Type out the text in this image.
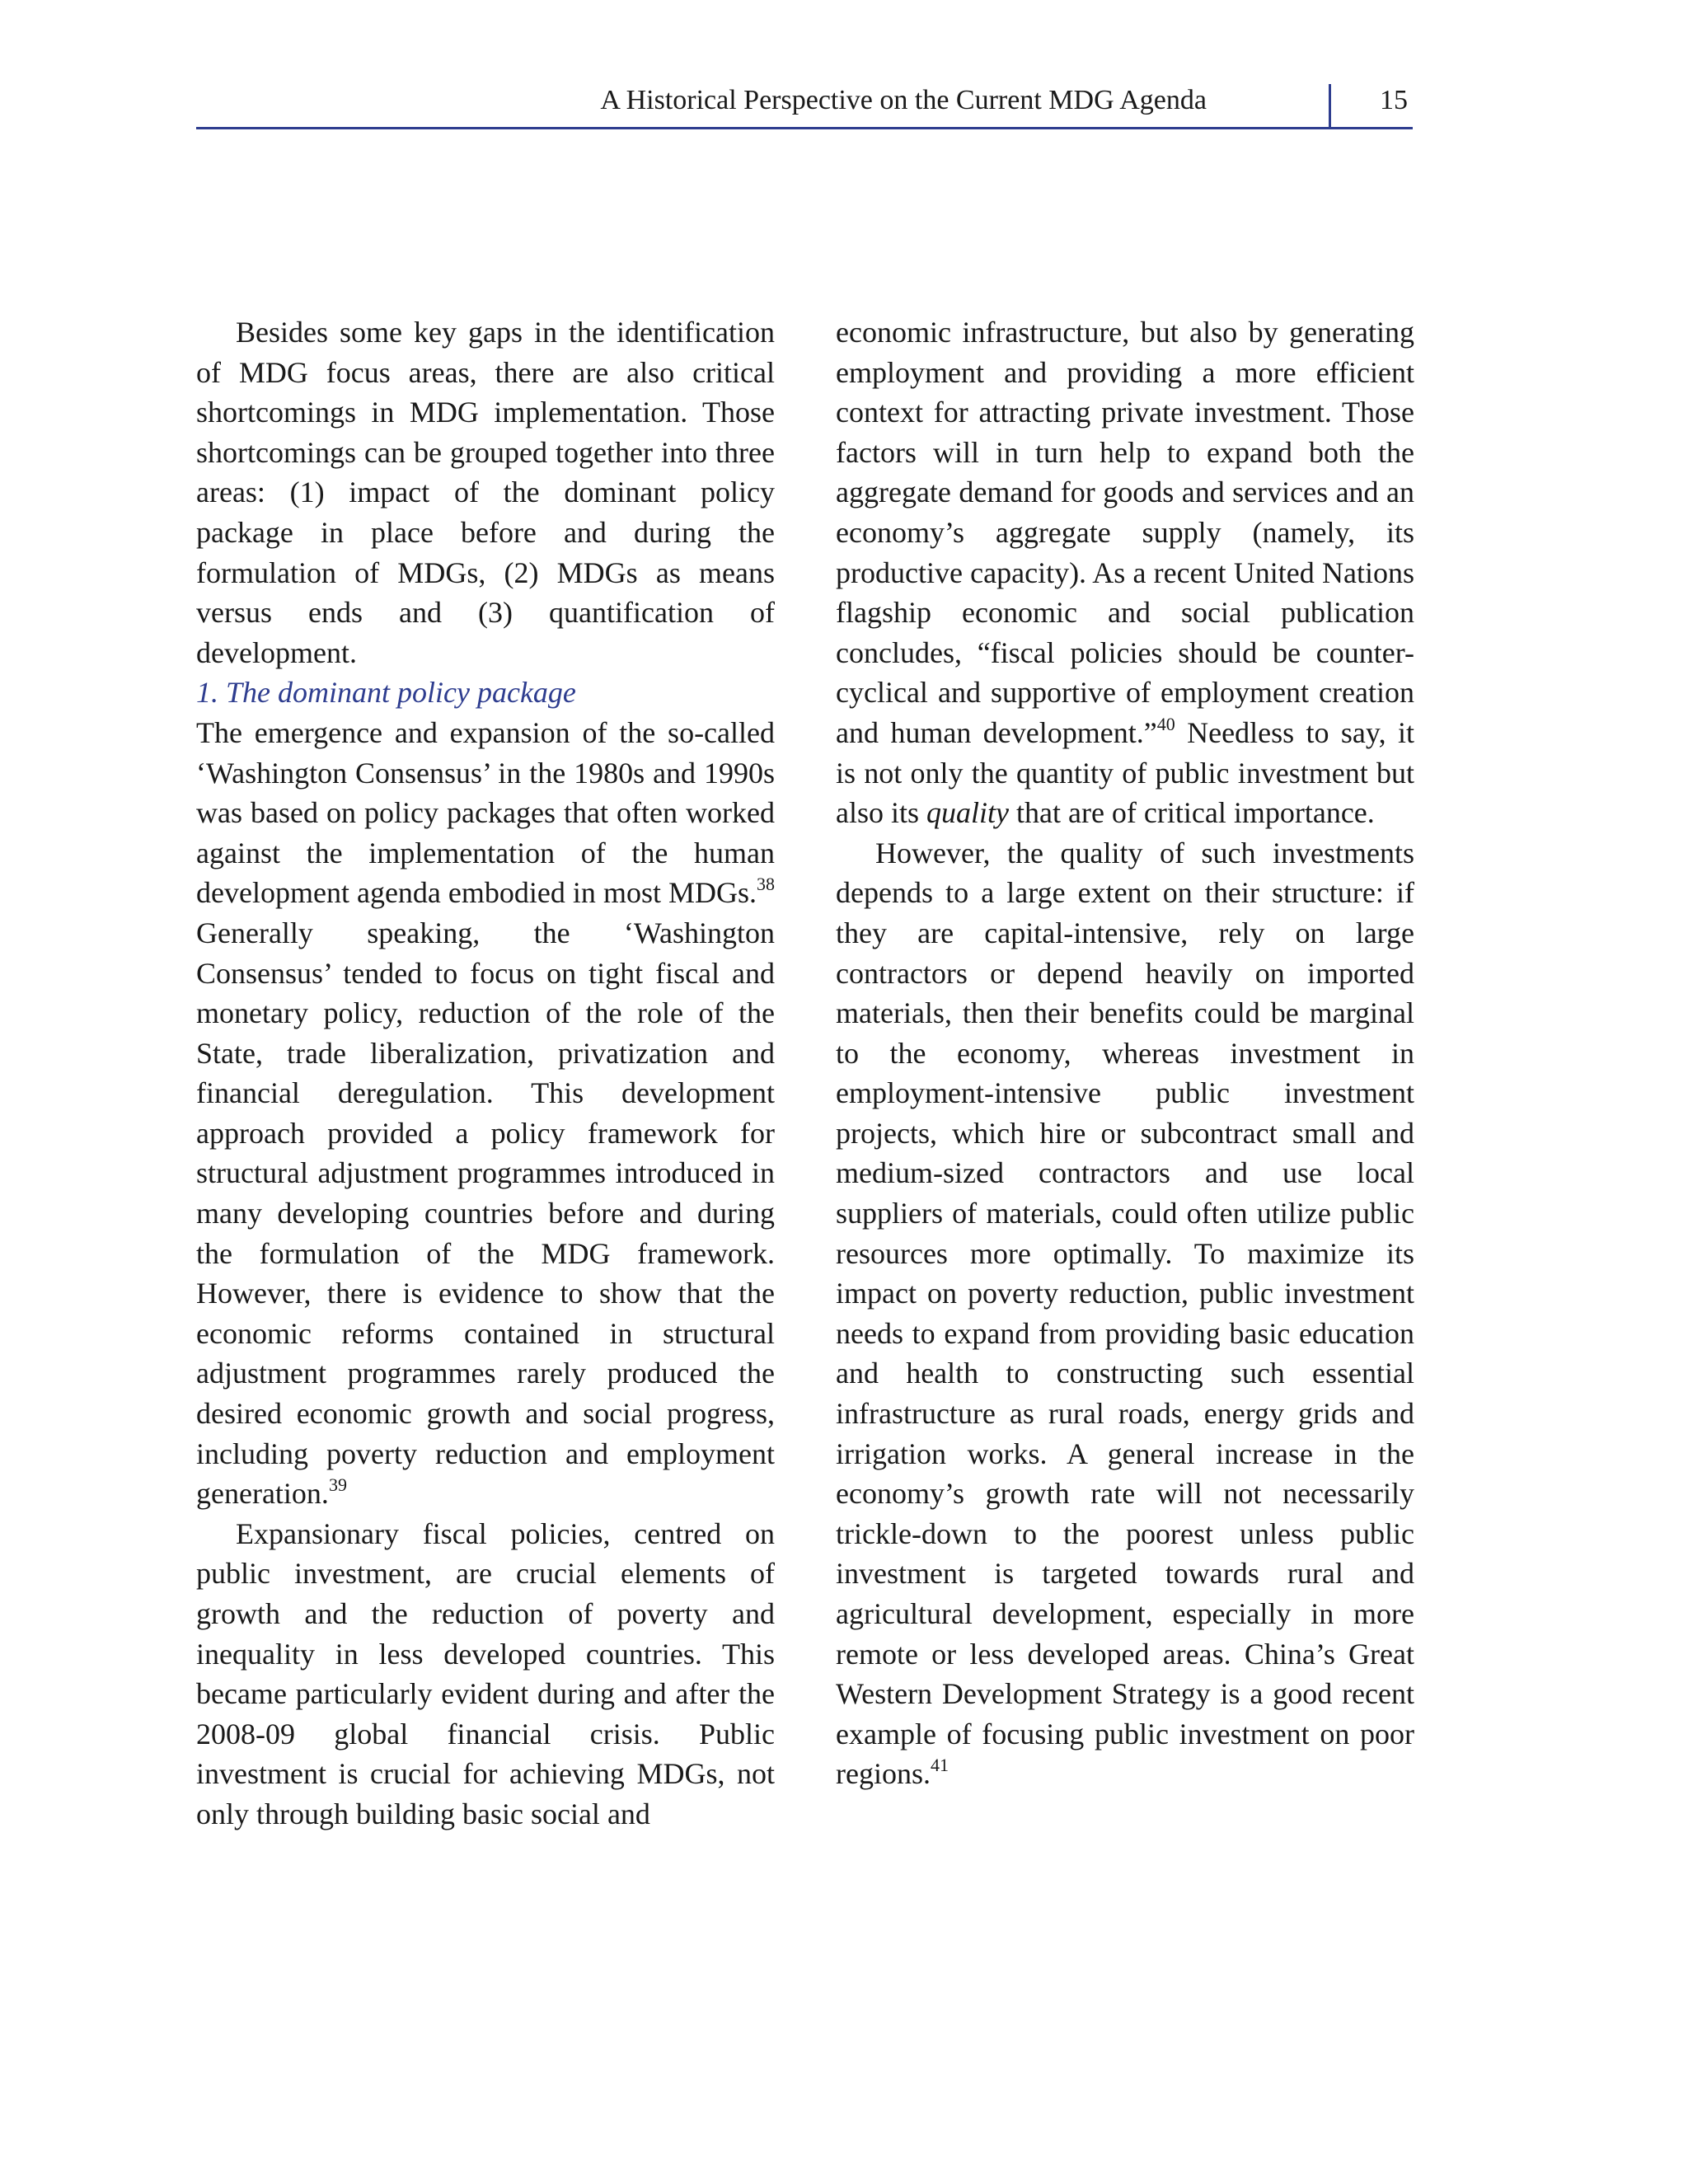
A Historical Perspective on the Current MDG Agenda	15

Besides some key gaps in the identification of MDG focus areas, there are also critical shortcomings in MDG implementation. Those shortcomings can be grouped together into three areas: (1) impact of the dominant policy package in place before and during the formulation of MDGs, (2) MDGs as means versus ends and (3) quantification of development.

1. The dominant policy package

The emergence and expansion of the so-called ‘Washington Consensus’ in the 1980s and 1990s was based on policy packages that often worked against the implementation of the human development agenda embodied in most MDGs.$^{38}$ Generally speaking, the ‘Washington Consensus’ tended to focus on tight fiscal and monetary policy, reduction of the role of the State, trade liberalization, privatization and financial deregulation. This development approach provided a policy framework for structural adjustment programmes introduced in many developing countries before and during the formulation of the MDG framework. However, there is evidence to show that the economic reforms contained in structural adjustment programmes rarely produced the desired economic growth and social progress, including poverty reduction and employment generation.$^{39}$

Expansionary fiscal policies, centred on public investment, are crucial elements of growth and the reduction of poverty and inequality in less developed countries. This became particularly evident during and after the 2008-09 global financial crisis. Public investment is crucial for achieving MDGs, not only through building basic social and

economic infrastructure, but also by generating employment and providing a more efficient context for attracting private investment. Those factors will in turn help to expand both the aggregate demand for goods and services and an economy’s aggregate supply (namely, its productive capacity). As a recent United Nations flagship economic and social publication concludes, “fiscal policies should be counter-cyclical and supportive of employment creation and human development.”$^{40}$ Needless to say, it is not only the quantity of public investment but also its quality that are of critical importance.

However, the quality of such investments depends to a large extent on their structure: if they are capital-intensive, rely on large contractors or depend heavily on imported materials, then their benefits could be marginal to the economy, whereas investment in employment-intensive public investment projects, which hire or subcontract small and medium-sized contractors and use local suppliers of materials, could often utilize public resources more optimally. To maximize its impact on poverty reduction, public investment needs to expand from providing basic education and health to constructing such essential infrastructure as rural roads, energy grids and irrigation works. A general increase in the economy’s growth rate will not necessarily trickle-down to the poorest unless public investment is targeted towards rural and agricultural development, especially in more remote or less developed areas. China’s Great Western Development Strategy is a good recent example of focusing public investment on poor regions.$^{41}$
